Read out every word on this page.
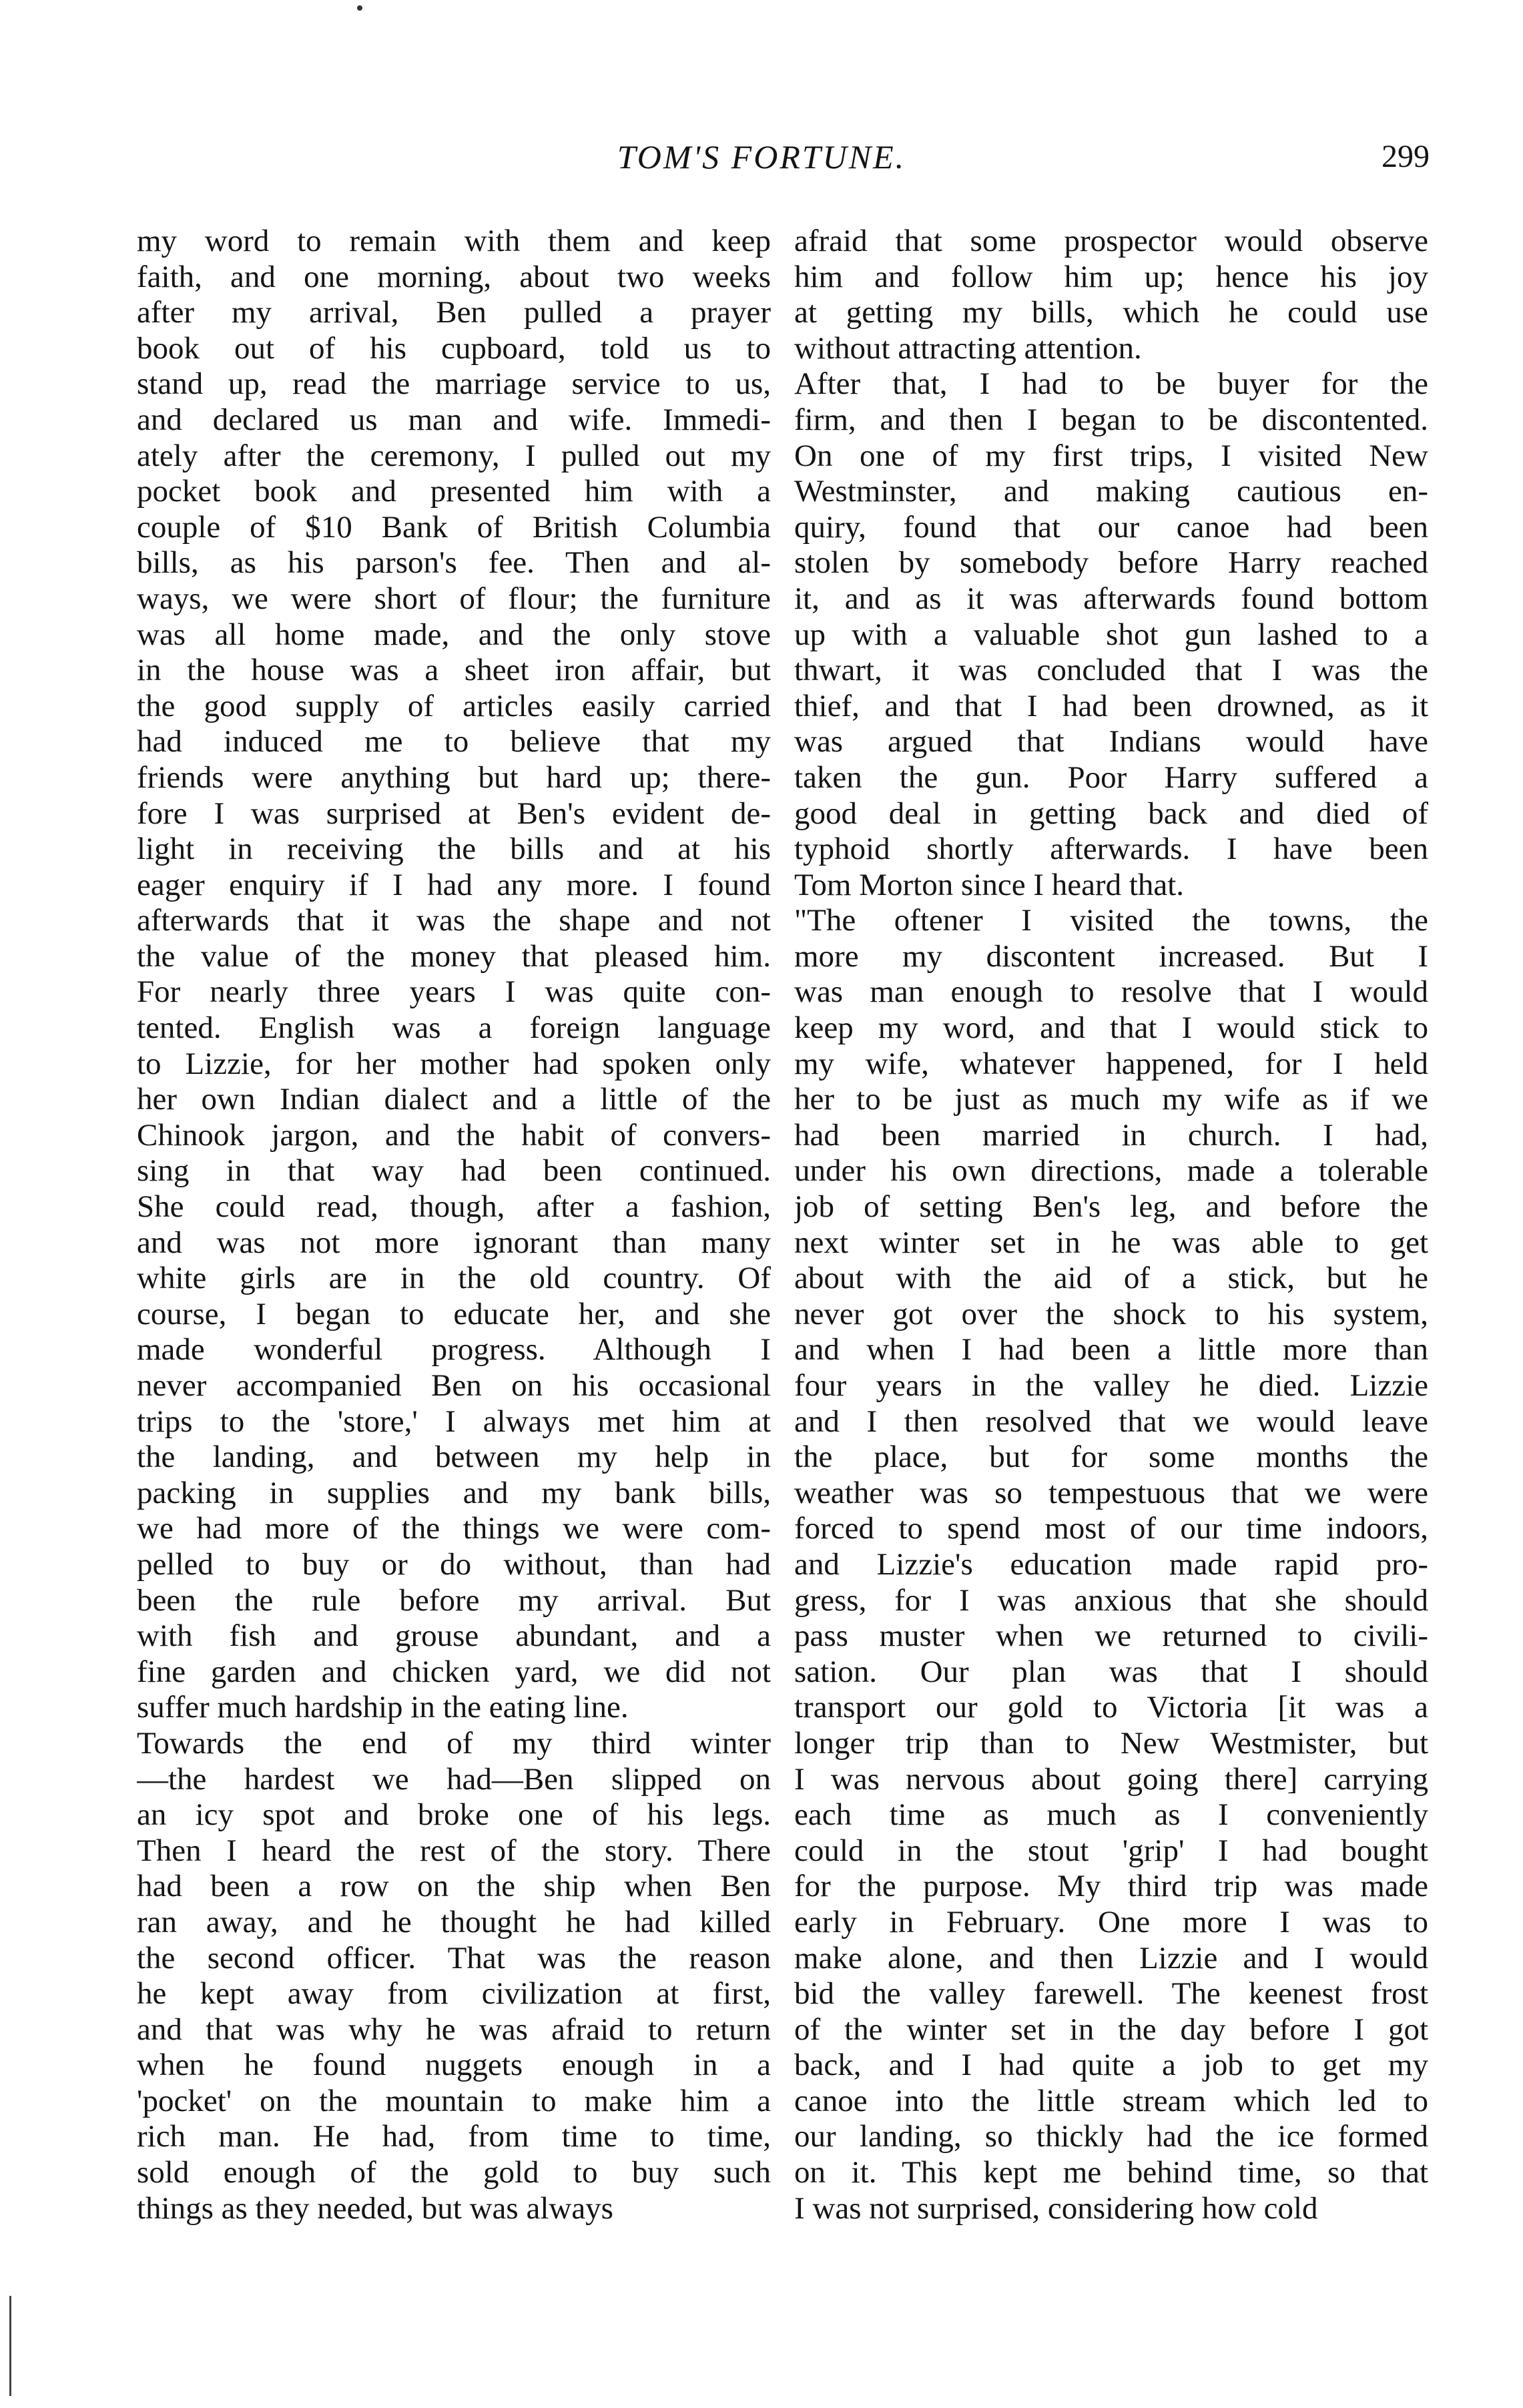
TOM'S FORTUNE.	299
my word to remain with them and keep
faith, and one morning, about two weeks
after my arrival, Ben pulled a prayer
book out of his cupboard, told us to
stand up, read the marriage service to us,
and declared us man and wife. Immedi-
ately after the ceremony, I pulled out my
pocket book and presented him with a
couple of $10 Bank of British Columbia
bills, as his parson's fee. Then and al-
ways, we were short of flour; the furniture
was all home made, and the only stove
in the house was a sheet iron affair, but
the good supply of articles easily carried
had induced me to believe that my
friends were anything but hard up; there-
fore I was surprised at Ben's evident de-
light in receiving the bills and at his
eager enquiry if I had any more. I found
afterwards that it was the shape and not
the value of the money that pleased him.
For nearly three years I was quite con-
tented. English was a foreign language
to Lizzie, for her mother had spoken only
her own Indian dialect and a little of the
Chinook jargon, and the habit of convers-
sing in that way had been continued.
She could read, though, after a fashion,
and was not more ignorant than many
white girls are in the old country. Of
course, I began to educate her, and she
made wonderful progress. Although I
never accompanied Ben on his occasional
trips to the 'store,' I always met him at
the landing, and between my help in
packing in supplies and my bank bills,
we had more of the things we were com-
pelled to buy or do without, than had
been the rule before my arrival. But
with fish and grouse abundant, and a
fine garden and chicken yard, we did not
suffer much hardship in the eating line.
Towards the end of my third winter
—the hardest we had—Ben slipped on
an icy spot and broke one of his legs.
Then I heard the rest of the story. There
had been a row on the ship when Ben
ran away, and he thought he had killed
the second officer. That was the reason
he kept away from civilization at first,
and that was why he was afraid to return
when he found nuggets enough in a
'pocket' on the mountain to make him a
rich man. He had, from time to time,
sold enough of the gold to buy such
things as they needed, but was always
afraid that some prospector would observe
him and follow him up; hence his joy
at getting my bills, which he could use
without attracting attention.
After that, I had to be buyer for the
firm, and then I began to be discontented.
On one of my first trips, I visited New
Westminster, and making cautious en-
quiry, found that our canoe had been
stolen by somebody before Harry reached
it, and as it was afterwards found bottom
up with a valuable shot gun lashed to a
thwart, it was concluded that I was the
thief, and that I had been drowned, as it
was argued that Indians would have
taken the gun. Poor Harry suffered a
good deal in getting back and died of
typhoid shortly afterwards. I have been
Tom Morton since I heard that.
"The oftener I visited the towns, the
more my discontent increased. But I
was man enough to resolve that I would
keep my word, and that I would stick to
my wife, whatever happened, for I held
her to be just as much my wife as if we
had been married in church. I had,
under his own directions, made a tolerable
job of setting Ben's leg, and before the
next winter set in he was able to get
about with the aid of a stick, but he
never got over the shock to his system,
and when I had been a little more than
four years in the valley he died. Lizzie
and I then resolved that we would leave
the place, but for some months the
weather was so tempestuous that we were
forced to spend most of our time indoors,
and Lizzie's education made rapid pro-
gress, for I was anxious that she should
pass muster when we returned to civili-
sation. Our plan was that I should
transport our gold to Victoria [it was a
longer trip than to New Westmister, but
I was nervous about going there] carrying
each time as much as I conveniently
could in the stout 'grip' I had bought
for the purpose. My third trip was made
early in February. One more I was to
make alone, and then Lizzie and I would
bid the valley farewell. The keenest frost
of the winter set in the day before I got
back, and I had quite a job to get my
canoe into the little stream which led to
our landing, so thickly had the ice formed
on it. This kept me behind time, so that
I was not surprised, considering how cold
